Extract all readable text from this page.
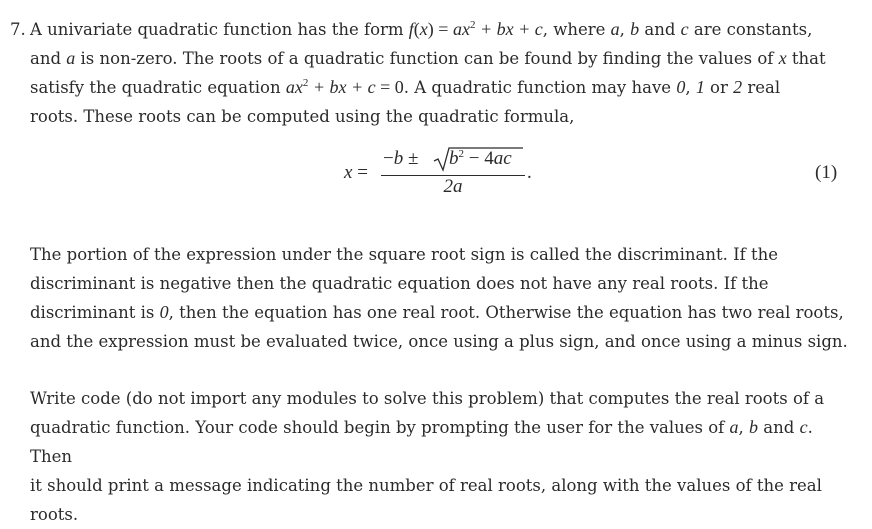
7. A univariate quadratic function has the form $f(x) = ax^2$ + bx + c, where a, b and c are constants,
and a is non-zero. The roots of a quadratic function can be found by finding the values of x that
satisfy the quadratic equation $ax^2$ + bx + c = 0. A quadratic function may have 0, 1 or 2 real
roots. These roots can be computed using the quadratic formula,
x =
$-b \pm b^2 - 4ac$
2a
.	(1)
The portion of the expression under the square root sign is called the discriminant. If the
discriminant is negative then the quadratic equation does not have any real roots. If the
discriminant is 0, then the equation has one real root. Otherwise the equation has two real roots,
and the expression must be evaluated twice, once using a plus sign, and once using a minus sign.
Write code (do not import any modules to solve this problem) that computes the real roots of a
quadratic function. Your code should begin by prompting the user for the values of a, b and c. Then
it should print a message indicating the number of real roots, along with the values of the real roots.
